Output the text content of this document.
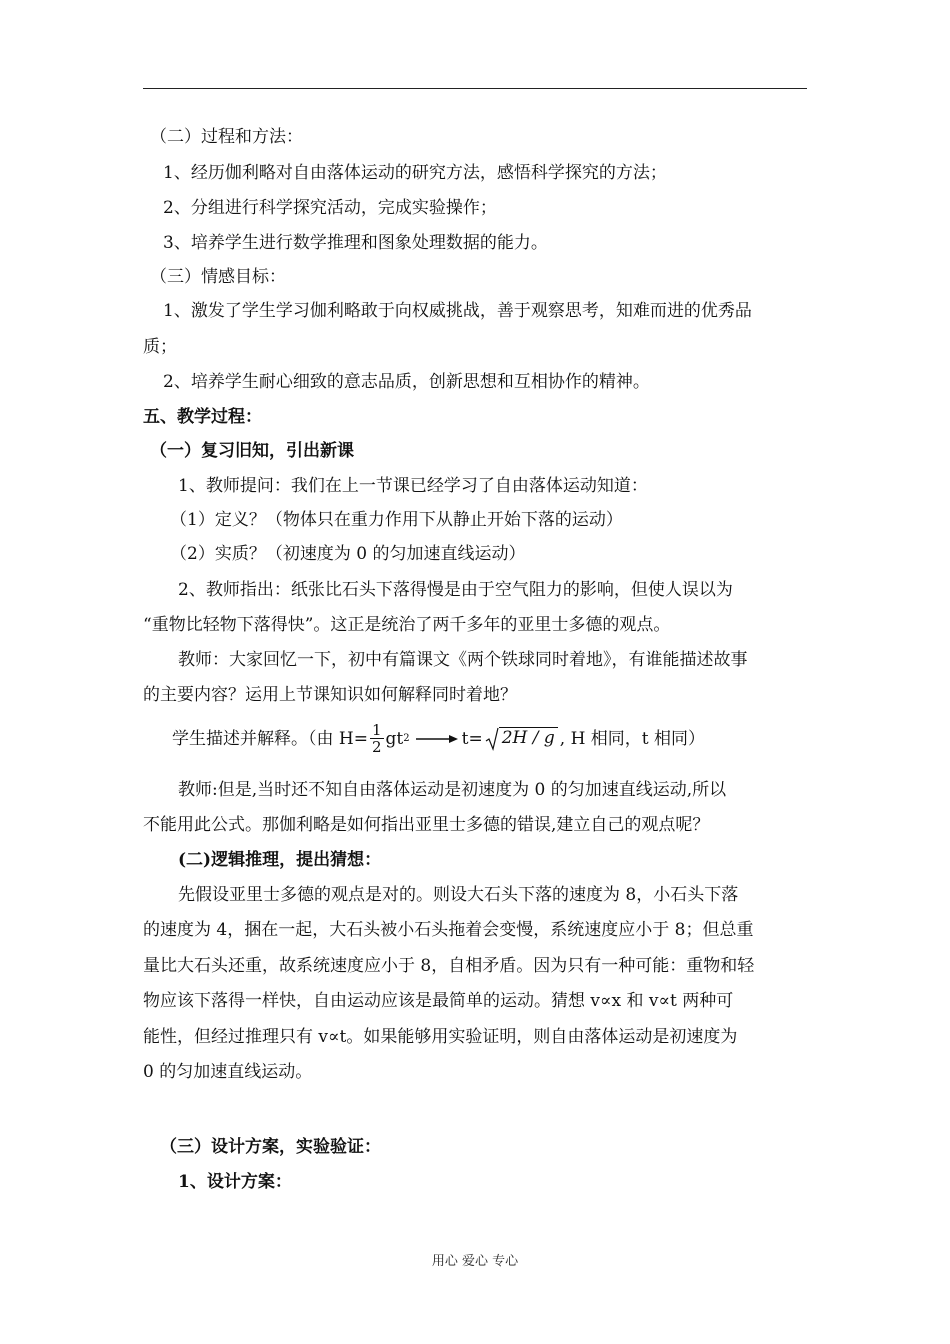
（二）过程和方法：
1、经历伽利略对自由落体运动的研究方法，感悟科学探究的方法；
2、分组进行科学探究活动，完成实验操作；
3、培养学生进行数学推理和图象处理数据的能力。
（三）情感目标：
1、激发了学生学习伽利略敢于向权威挑战，善于观察思考，知难而进的优秀品
质；
2、培养学生耐心细致的意志品质，创新思想和互相协作的精神。
五、教学过程：
（一）复习旧知，引出新课
1、教师提问：我们在上一节课已经学习了自由落体运动知道：
（1）定义？（物体只在重力作用下从静止开始下落的运动）
（2）实质？（初速度为 0 的匀加速直线运动）
2、教师指出：纸张比石头下落得慢是由于空气阻力的影响，但使人误以为
“重物比轻物下落得快”。这正是统治了两千多年的亚里士多德的观点。
教师：大家回忆一下，初中有篇课文《两个铁球同时着地》，有谁能描述故事
的主要内容？运用上节课知识如何解释同时着地？
学生描述并解释。（由 $H= \frac{1}{2}$ gt 2	t= 2H / g , H 相同，t 相同）
教师:但是,当时还不知自由落体运动是初速度为 0 的匀加速直线运动,所以
不能用此公式。那伽利略是如何指出亚里士多德的错误,建立自己的观点呢？
(二)逻辑推理，提出猜想：
先假设亚里士多德的观点是对的。则设大石头下落的速度为 8，小石头下落
的速度为 4，捆在一起，大石头被小石头拖着会变慢，系统速度应小于 8；但总重
量比大石头还重，故系统速度应小于 8，自相矛盾。因为只有一种可能：重物和轻
物应该下落得一样快，自由运动应该是最简单的运动。猜想 v∝x 和 v∝t 两种可
能性，但经过推理只有 v∝t。如果能够用实验证明，则自由落体运动是初速度为
0 的匀加速直线运动。
（三）设计方案，实验验证：
1、设计方案：
用心 爱心 专心
